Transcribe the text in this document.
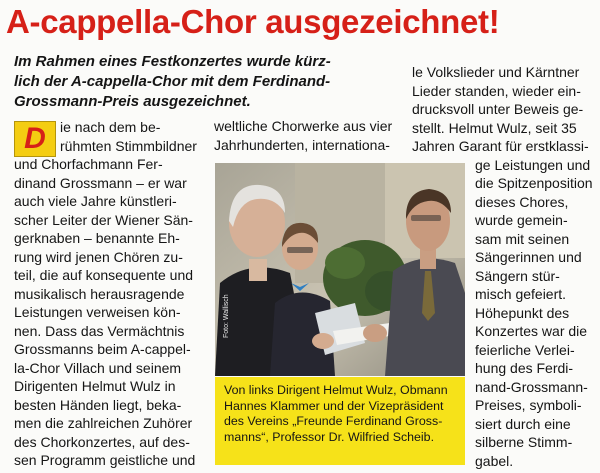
A-cappella-Chor ausgezeichnet!
Im Rahmen eines Festkonzertes wurde kürz-
lich der A-cappella-Chor mit dem Ferdinand-
Grossmann-Preis ausgezeichnet.
D	ie nach dem be-
rühmten Stimmbildner
und Chorfachmann Fer-
dinand Grossmann – er war
auch viele Jahre künstleri-
scher Leiter der Wiener Sän-
gerknaben – benannte Eh-
rung wird jenen Chören zu-
teil, die auf konsequente und
musikalisch herausragende
Leistungen verweisen kön-
nen. Dass das Vermächtnis
Grossmanns beim A-cappel-
la-Chor Villach und seinem
Dirigenten Helmut Wulz in
besten Händen liegt, beka-
men die zahlreichen Zuhörer
des Chorkonzertes, auf des-
sen Programm geistliche und
weltliche Chorwerke aus vier
Jahrhunderten, internationa-
Foto: Wallisch
Von links Dirigent Helmut Wulz, Obmann
Hannes Klammer und der Vizepräsident
des Vereins „Freunde Ferdinand Gross-
manns“, Professor Dr. Wilfried Scheib.
le Volkslieder und Kärntner
Lieder standen, wieder ein-
drucksvoll unter Beweis ge-
stellt. Helmut Wulz, seit 35
Jahren Garant für erstklassi-
ge Leistungen und
die Spitzenposition
dieses Chores,
wurde gemein-
sam mit seinen
Sängerinnen und
Sängern stür-
misch gefeiert.
Höhepunkt des
Konzertes war die
feierliche Verlei-
hung des Ferdi-
nand-Grossmann-
Preises, symboli-
siert durch eine
silberne Stimm-
gabel.
